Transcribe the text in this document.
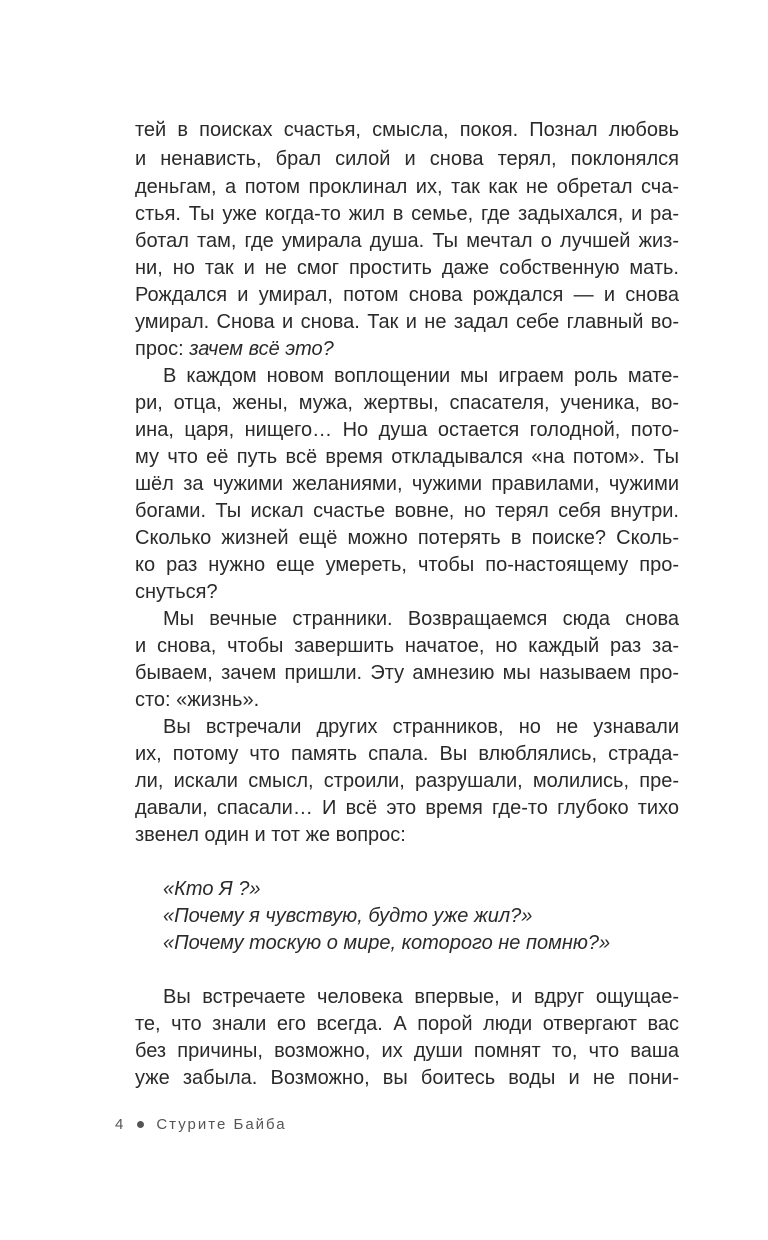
тей в поисках счастья, смысла, покоя. Познал любовь
и ненависть, брал силой и снова терял, поклонялся
деньгам, а потом проклинал их, так как не обретал сча-
стья. Ты уже когда-то жил в семье, где задыхался, и ра-
ботал там, где умирала душа. Ты мечтал о лучшей жиз-
ни, но так и не смог простить даже собственную мать.
Рождался и умирал, потом снова рождался — и снова
умирал. Снова и снова. Так и не задал себе главный во-
прос: зачем всё это?
В каждом новом воплощении мы играем роль мате-
ри, отца, жены, мужа, жертвы, спасателя, ученика, во-
ина, царя, нищего… Но душа остается голодной, пото-
му что её путь всё время откладывался «на потом». Ты
шёл за чужими желаниями, чужими правилами, чужими
богами. Ты искал счастье вовне, но терял себя внутри.
Сколько жизней ещё можно потерять в поиске? Сколь-
ко раз нужно еще умереть, чтобы по-настоящему про-
снуться?
Мы вечные странники. Возвращаемся сюда снова
и снова, чтобы завершить начатое, но каждый раз за-
бываем, зачем пришли. Эту амнезию мы называем про-
сто: «жизнь».
Вы встречали других странников, но не узнавали
их, потому что память спала. Вы влюблялись, страда-
ли, искали смысл, строили, разрушали, молились, пре-
давали, спасали… И всё это время где-то глубоко тихо
звенел один и тот же вопрос:
«Кто Я ?»
«Почему я чувствую, будто уже жил?»
«Почему тоскую о мире, которого не помню?»
Вы встречаете человека впервые, и вдруг ощущае-
те, что знали его всегда. А порой люди отвергают вас
без причины, возможно, их души помнят то, что ваша
уже забыла. Возможно, вы боитесь воды и не пони-
4 Стурите Байба
